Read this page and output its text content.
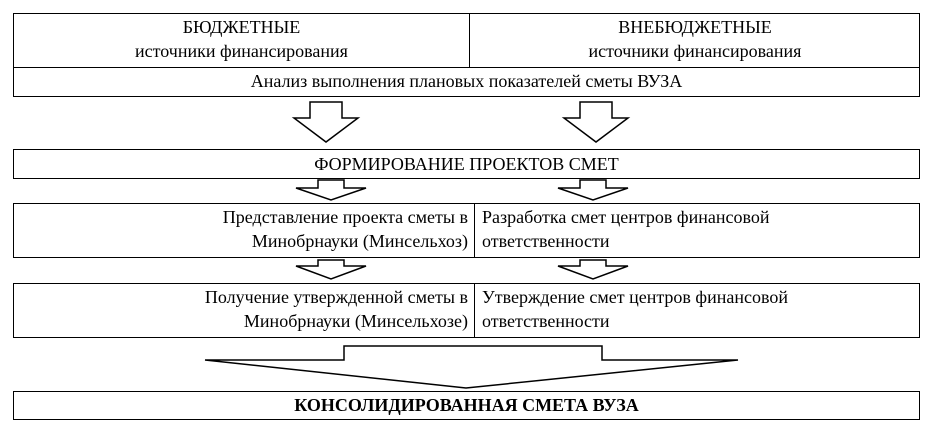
БЮДЖЕТНЫЕ
источники финансирования
ВНЕБЮДЖЕТНЫЕ
источники финансирования
Анализ выполнения плановых показателей сметы ВУЗА
ФОРМИРОВАНИЕ ПРОЕКТОВ СМЕТ
Представление проекта сметы в
Минобрнауки (Минсельхоз)
Разработка смет центров финансовой
ответственности
Получение утвержденной сметы в
Минобрнауки (Минсельхозе)
Утверждение смет центров финансовой
ответственности
КОНСОЛИДИРОВАННАЯ СМЕТА ВУЗА
